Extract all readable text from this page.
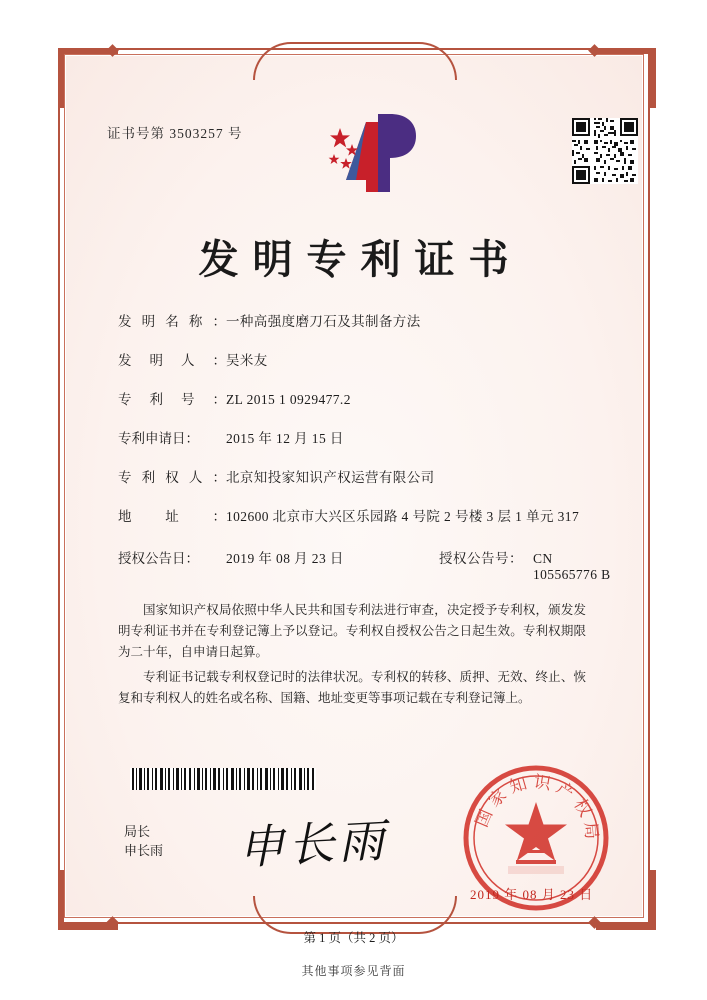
证书号第 3503257 号
发明专利证书
发 明 名 称 ： 一种高强度磨刀石及其制备方法
发 明 人 ： 吴米友
专 利 号 ： ZL 2015 1 0929477.2
专利申请日： 2015 年 12 月 15 日
专 利 权 人 ： 北京知投家知识产权运营有限公司
地	址	： 102600 北京市大兴区乐园路 4 号院 2 号楼 3 层 1 单元 317
授权公告日： 2019 年 08 月 23 日	授权公告号： CN 105565776 B

国家知识产权局依照中华人民共和国专利法进行审查，决定授予专利权，颁发发明专利证书并在专利登记簿上予以登记。专利权自授权公告之日起生效。专利权期限为二十年，自申请日起算。

专利证书记载专利权登记时的法律状况。专利权的转移、质押、无效、终止、恢复和专利权人的姓名或名称、国籍、地址变更等事项记载在专利登记簿上。

局长
申长雨 申长雨	国家知识产权局
2019 年 08 月 23 日
第 1 页（共 2 页）
其他事项参见背面
